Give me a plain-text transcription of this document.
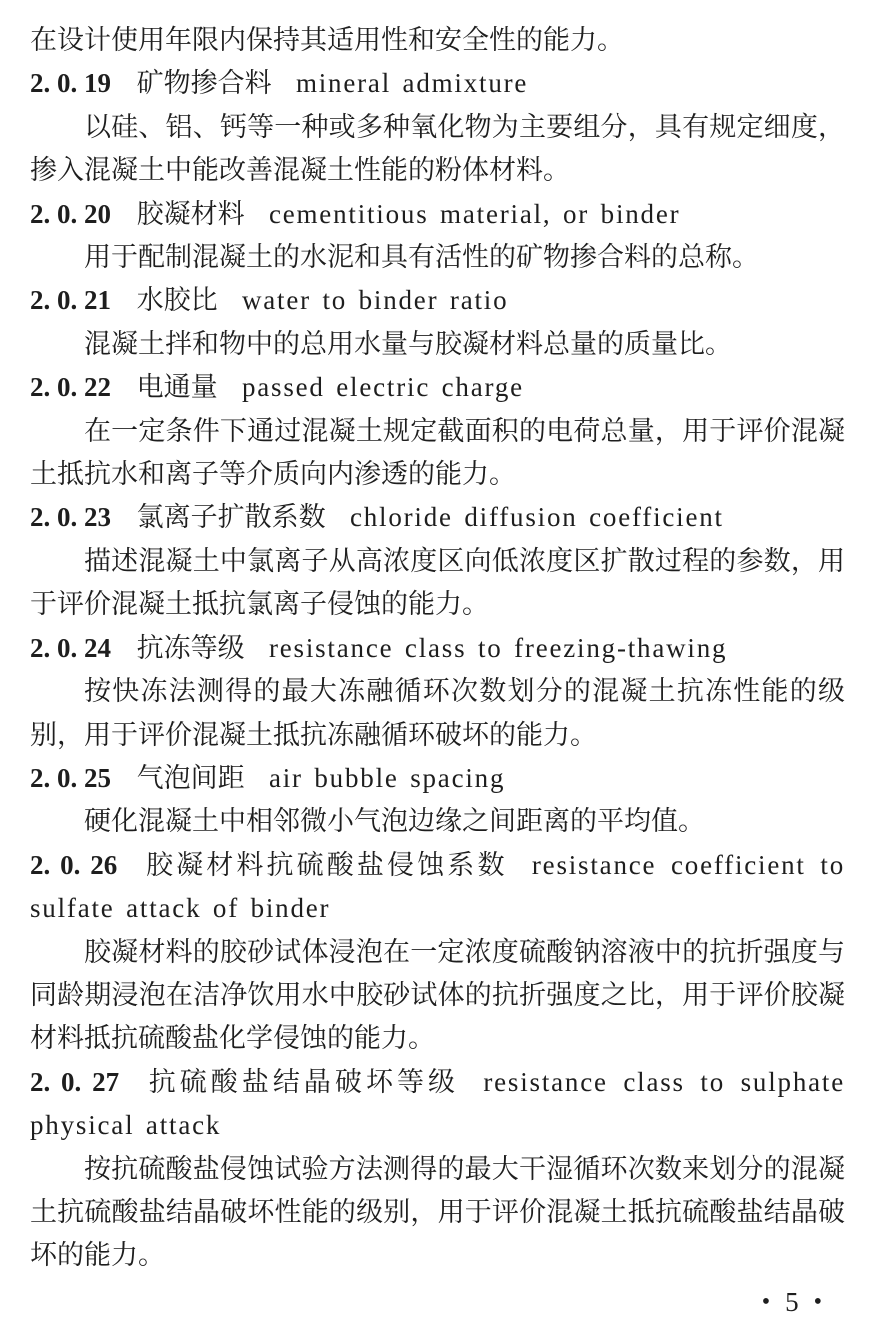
在设计使用年限内保持其适用性和安全性的能力。

2. 0. 19 矿物掺合料 mineral admixture

以硅、铝、钙等一种或多种氧化物为主要组分，具有规定细度，掺入混凝土中能改善混凝土性能的粉体材料。

2. 0. 20 胶凝材料 cementitious material, or binder

用于配制混凝土的水泥和具有活性的矿物掺合料的总称。

2. 0. 21 水胶比 water to binder ratio

混凝土拌和物中的总用水量与胶凝材料总量的质量比。

2. 0. 22 电通量 passed electric charge

在一定条件下通过混凝土规定截面积的电荷总量，用于评价混凝土抵抗水和离子等介质向内渗透的能力。

2. 0. 23 氯离子扩散系数 chloride diffusion coefficient

描述混凝土中氯离子从高浓度区向低浓度区扩散过程的参数，用于评价混凝土抵抗氯离子侵蚀的能力。

2. 0. 24 抗冻等级 resistance class to freezing-thawing

按快冻法测得的最大冻融循环次数划分的混凝土抗冻性能的级别，用于评价混凝土抵抗冻融循环破坏的能力。

2. 0. 25 气泡间距 air bubble spacing

硬化混凝土中相邻微小气泡边缘之间距离的平均值。

2. 0. 26 胶凝材料抗硫酸盐侵蚀系数 resistance coefficient to sulfate attack of binder

胶凝材料的胶砂试体浸泡在一定浓度硫酸钠溶液中的抗折强度与同龄期浸泡在洁净饮用水中胶砂试体的抗折强度之比，用于评价胶凝材料抵抗硫酸盐化学侵蚀的能力。

2. 0. 27 抗硫酸盐结晶破坏等级 resistance class to sulphate physical attack

按抗硫酸盐侵蚀试验方法测得的最大干湿循环次数来划分的混凝土抗硫酸盐结晶破坏性能的级别，用于评价混凝土抵抗硫酸盐结晶破坏的能力。

• 5 •
